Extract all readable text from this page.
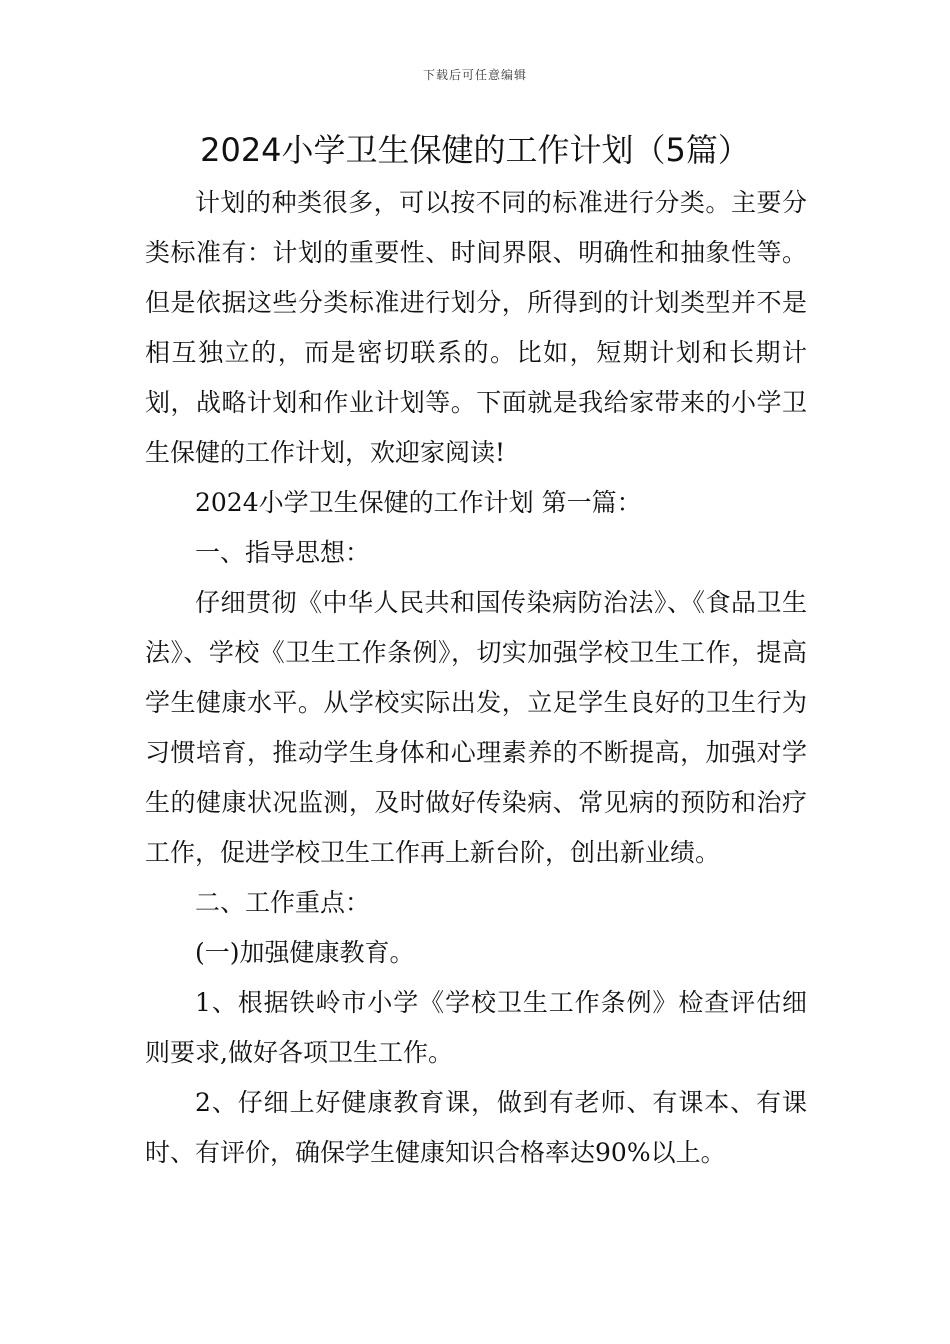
下载后可任意编辑
2024小学卫生保健的工作计划（5篇）

计划的种类很多，可以按不同的标准进行分类。主要分类标准有：计划的重要性、时间界限、明确性和抽象性等。但是依据这些分类标准进行划分，所得到的计划类型并不是相互独立的，而是密切联系的。比如，短期计划和长期计划，战略计划和作业计划等。下面就是我给家带来的小学卫生保健的工作计划，欢迎家阅读!

2024小学卫生保健的工作计划 第一篇：

一、指导思想：

仔细贯彻《中华人民共和国传染病防治法》、《食品卫生法》、学校《卫生工作条例》，切实加强学校卫生工作，提高学生健康水平。从学校实际出发，立足学生良好的卫生行为习惯培育，推动学生身体和心理素养的不断提高，加强对学生的健康状况监测，及时做好传染病、常见病的预防和治疗工作，促进学校卫生工作再上新台阶，创出新业绩。

二、工作重点：

(一)加强健康教育。

1、根据铁岭市小学《学校卫生工作条例》检查评估细则要求,做好各项卫生工作。

2、仔细上好健康教育课，做到有老师、有课本、有课时、有评价，确保学生健康知识合格率达90%以上。
